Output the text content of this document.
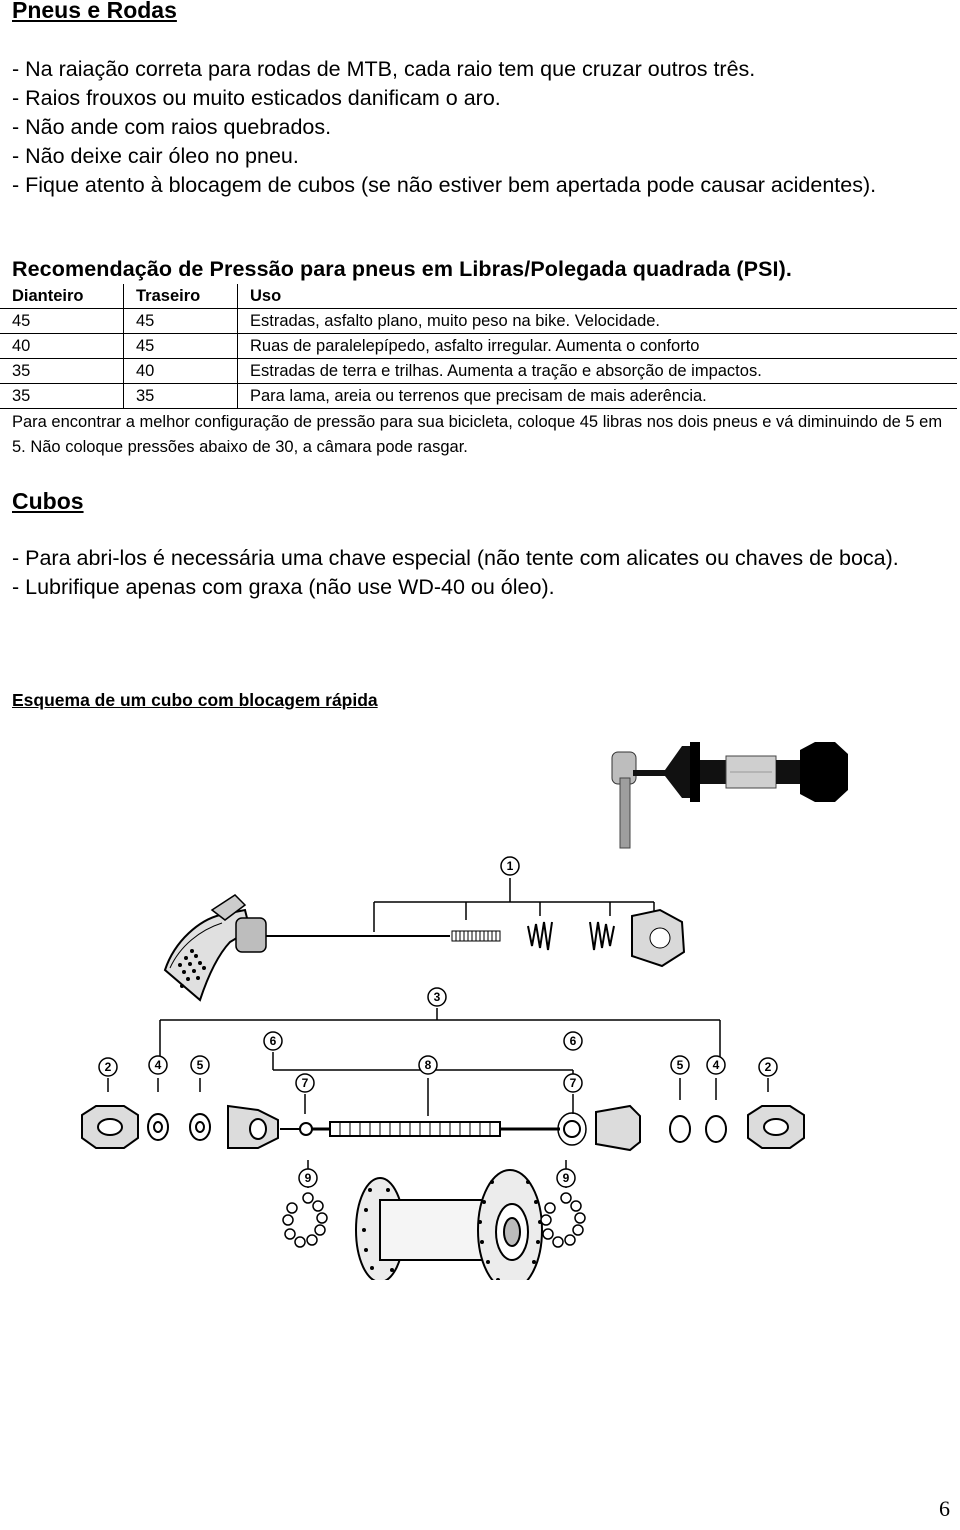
Pneus e Rodas
- Na raiação correta para rodas de MTB, cada raio tem que cruzar outros três.
- Raios frouxos ou muito esticados danificam o aro.
- Não ande com raios quebrados.
- Não deixe cair óleo no pneu.
- Fique atento à blocagem de cubos (se não estiver bem apertada pode causar acidentes).
Recomendação de Pressão para pneus em Libras/Polegada quadrada (PSI).
Dianteiro	Traseiro	Uso
45	45	Estradas, asfalto plano, muito peso na bike. Velocidade.
40	45	Ruas de paralelepípedo, asfalto irregular. Aumenta o conforto
35	40	Estradas de terra e trilhas. Aumenta a tração e absorção de impactos.
35	35	Para lama, areia ou terrenos que precisam de mais aderência.
Para encontrar a melhor configuração de pressão para sua bicicleta, coloque 45 libras nos dois pneus e vá diminuindo de 5 em 5. Não coloque pressões abaixo de 30, a câmara pode rasgar.
Cubos
- Para abri-los é necessária uma chave especial (não tente com alicates ou chaves de boca).
- Lubrifique apenas com graxa (não use WD-40 ou óleo).
Esquema de um cubo com blocagem rápida
1
3
6	6
2	4	5	8	5 4	2
7	7
9	9
6
